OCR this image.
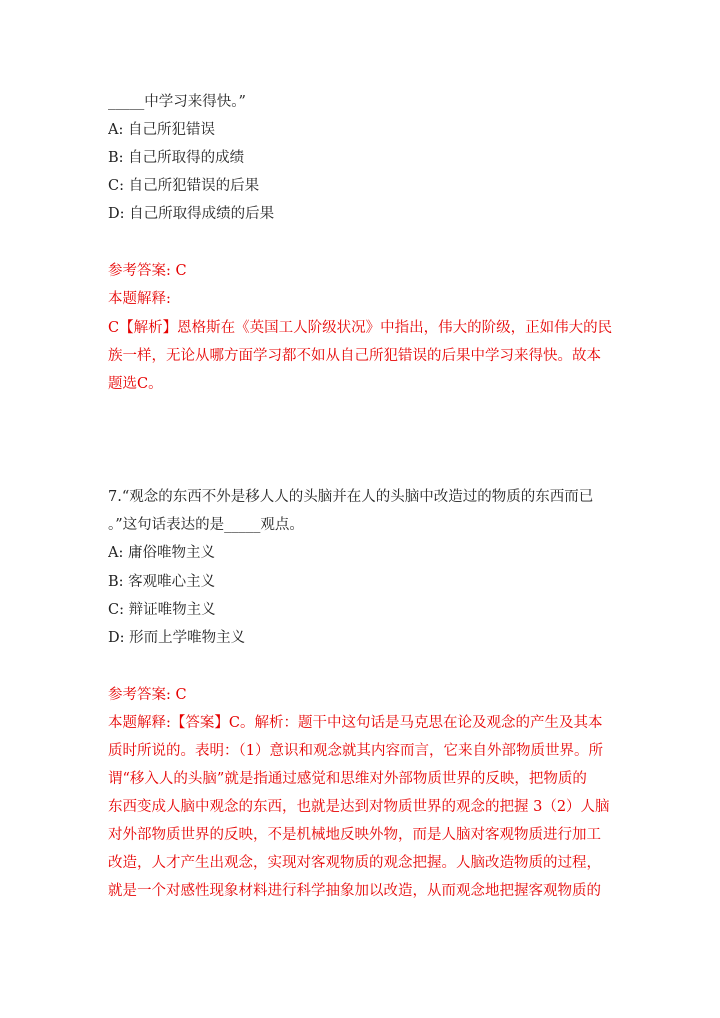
_____中学习来得快。”
A: 自己所犯错误
B: 自己所取得的成绩
C: 自己所犯错误的后果
D: 自己所取得成绩的后果
参考答案: C
本题解释:
C【解析】恩格斯在《英国工人阶级状况》中指出，伟大的阶级，正如伟大的民
族一样，无论从哪方面学习都不如从自己所犯错误的后果中学习来得快。故本
题选C。
7.“观念的东西不外是移人人的头脑并在人的头脑中改造过的物质的东西而已
。”这句话表达的是_____观点。
A: 庸俗唯物主义
B: 客观唯心主义
C: 辩证唯物主义
D: 形而上学唯物主义
参考答案: C
本题解释:【答案】C。解析：题干中这句话是马克思在论及观念的产生及其本
质时所说的。表明：（1）意识和观念就其内容而言，它来自外部物质世界。所
谓“移入人的头脑”就是指通过感觉和思维对外部物质世界的反映，把物质的
东西变成人脑中观念的东西，也就是达到对物质世界的观念的把握 3（2）人脑
对外部物质世界的反映，不是机械地反映外物，而是人脑对客观物质进行加工
改造，人才产生出观念，实现对客观物质的观念把握。人脑改造物质的过程，
就是一个对感性现象材料进行科学抽象加以改造，从而观念地把握客观物质的
